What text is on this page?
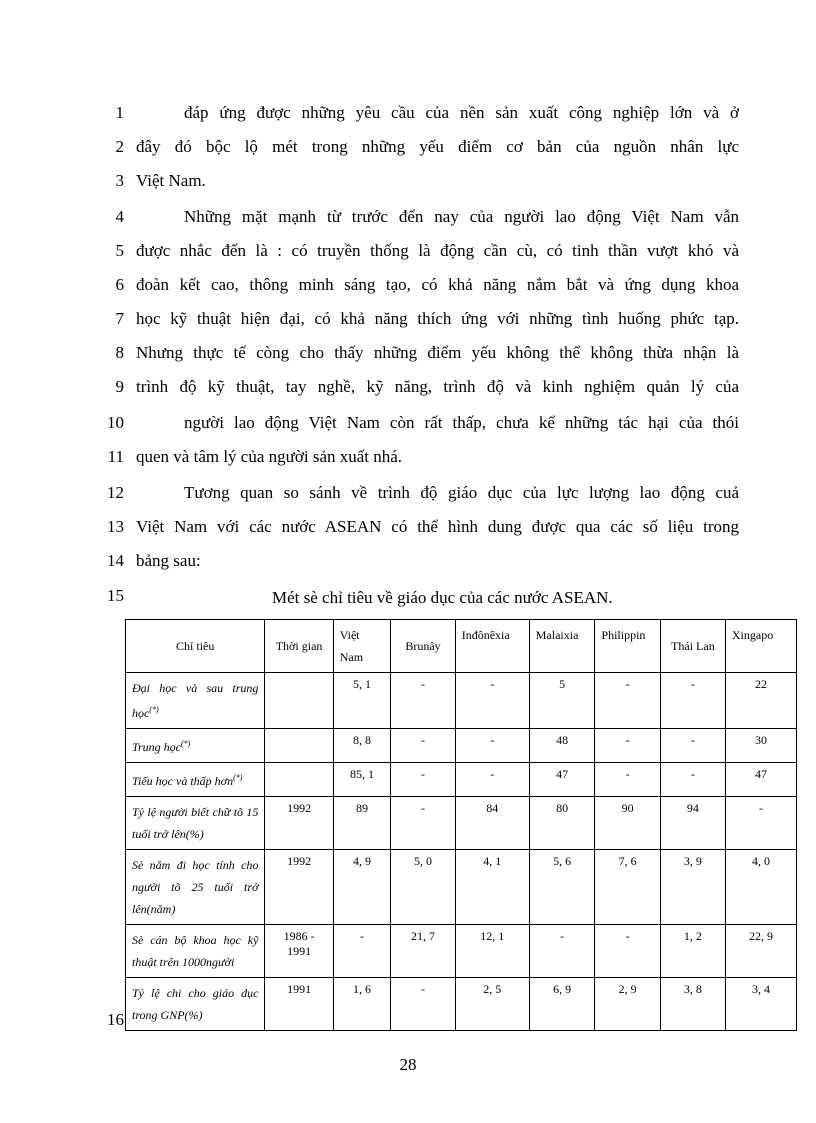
1	đáp ứng được những yêu cầu của nền sản xuất công nghiệp lớn và ở
2 đây đó bộc lộ mét trong những yếu điểm cơ bản của nguồn nhân lực
3 Việt Nam.
4	Những mặt mạnh từ trước đến nay của người lao động Việt Nam vẫn
5 được nhắc đến là : có truyền thống là động cần cù, có tinh thần vượt khó và
6 đoàn kết cao, thông minh sáng tạo, có khả năng nắm bắt và ứng dụng khoa
7 học kỹ thuật hiện đại, có khả năng thích ứng với những tình huống phức tạp.
8 Nhưng thực tế còng cho thấy những điểm yếu không thể không thừa nhận là
9 trình độ kỹ thuật, tay nghề, kỹ năng, trình độ và kinh nghiệm quản lý của
10	người lao động Việt Nam còn rất thấp, chưa kể những tác hại của thói
11 quen và tâm lý của người sản xuất nhá.
12	Tương quan so sánh về trình độ giáo dục của lực lượng lao động cuả
13 Việt Nam với các nước ASEAN có thể hình dung được qua các số liệu trong
14 bảng sau:
15
16
Mét sè chỉ tiêu về giáo dục của các nước ASEAN.
Chỉ tiêu	Thời gian	Việt Nam	Brunây	Inđônêxia	Malaixia	Philippin	Thái Lan	Xingapo
Đại học và sau trung học(*)		5, 1	-	-	5	-	-	22
Trung học(*)		8, 8	-	-	48	-	-	30
Tiểu học và thấp hơn(*)		85, 1	-	-	47	-	-	47
Tỷ lệ người biết chữ tõ 15 tuổi trở lên(%)	1992	89	-	84	80	90	94	-
Sè năm đi học tính cho người tõ 25 tuổi trở lên(năm)	1992	4, 9	5, 0	4, 1	5, 6	7, 6	3, 9	4, 0
Sè cán bộ khoa học kỹ thuật trên 1000người	1986 - 1991	-	21, 7	12, 1	-	-	1, 2	22, 9
Tỷ lệ chi cho giáo dục trong GNP(%)	1991	1, 6	-	2, 5	6, 9	2, 9	3, 8	3, 4
28
